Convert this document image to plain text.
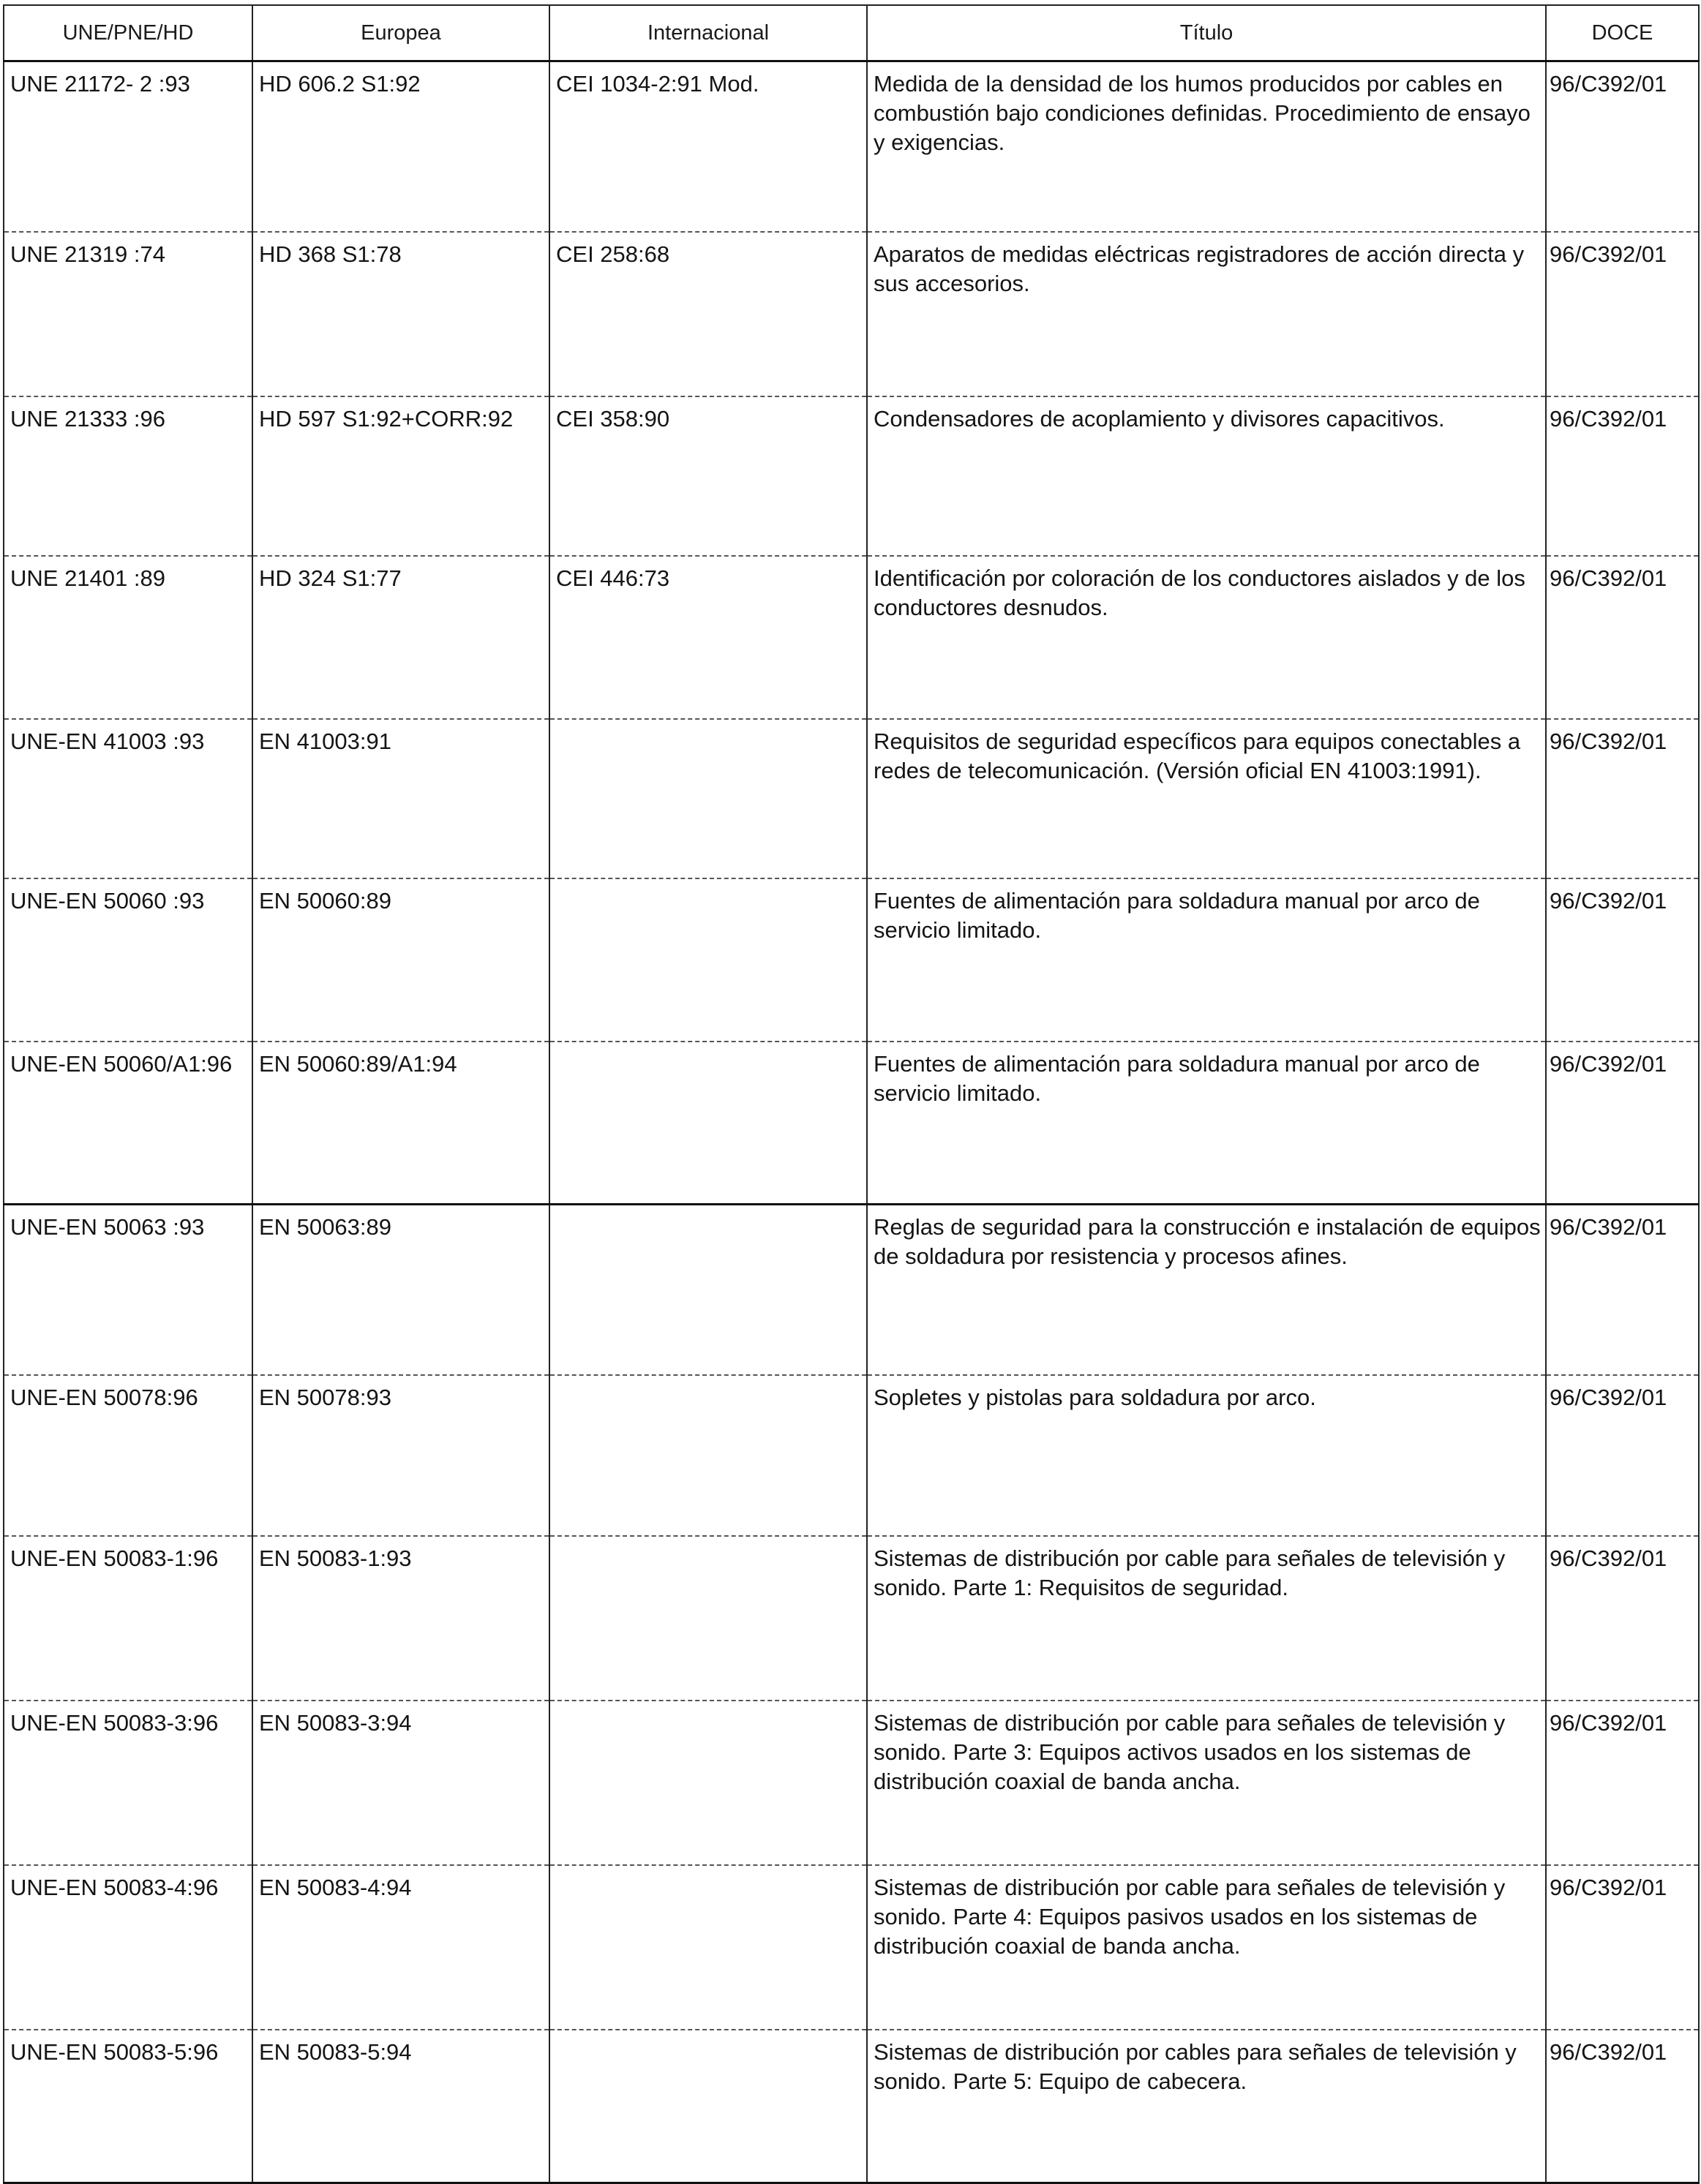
UNE/PNE/HD	Europea	Internacional	Título	DOCE
UNE 21172- 2 :93	HD 606.2 S1:92	CEI 1034-2:91 Mod.	Medida de la densidad de los humos producidos por cables en combustión bajo condiciones definidas. Procedimiento de ensayo y exigencias.	96/C392/01
UNE 21319 :74	HD 368 S1:78	CEI 258:68	Aparatos de medidas eléctricas registradores de acción directa y sus accesorios.	96/C392/01
UNE 21333 :96	HD 597 S1:92+CORR:92	CEI 358:90	Condensadores de acoplamiento y divisores capacitivos.	96/C392/01
UNE 21401 :89	HD 324 S1:77	CEI 446:73	Identificación por coloración de los conductores aislados y de los conductores desnudos.	96/C392/01
UNE-EN 41003 :93	EN 41003:91		Requisitos de seguridad específicos para equipos conectables a redes de telecomunicación. (Versión oficial EN 41003:1991).	96/C392/01
UNE-EN 50060 :93	EN 50060:89		Fuentes de alimentación para soldadura manual por arco de servicio limitado.	96/C392/01
UNE-EN 50060/A1:96	EN 50060:89/A1:94		Fuentes de alimentación para soldadura manual por arco de servicio limitado.	96/C392/01
UNE-EN 50063 :93	EN 50063:89		Reglas de seguridad para la construcción e instalación de equipos de soldadura por resistencia y procesos afines.	96/C392/01
UNE-EN 50078:96	EN 50078:93		Sopletes y pistolas para soldadura por arco.	96/C392/01
UNE-EN 50083-1:96	EN 50083-1:93		Sistemas de distribución por cable para señales de televisión y sonido. Parte 1: Requisitos de seguridad.	96/C392/01
UNE-EN 50083-3:96	EN 50083-3:94		Sistemas de distribución por cable para señales de televisión y sonido. Parte 3: Equipos activos usados en los sistemas de distribución coaxial de banda ancha.	96/C392/01
UNE-EN 50083-4:96	EN 50083-4:94		Sistemas de distribución por cable para señales de televisión y sonido. Parte 4: Equipos pasivos usados en los sistemas de distribución coaxial de banda ancha.	96/C392/01
UNE-EN 50083-5:96	EN 50083-5:94		Sistemas de distribución por cables para señales de televisión y sonido. Parte 5: Equipo de cabecera.	96/C392/01
